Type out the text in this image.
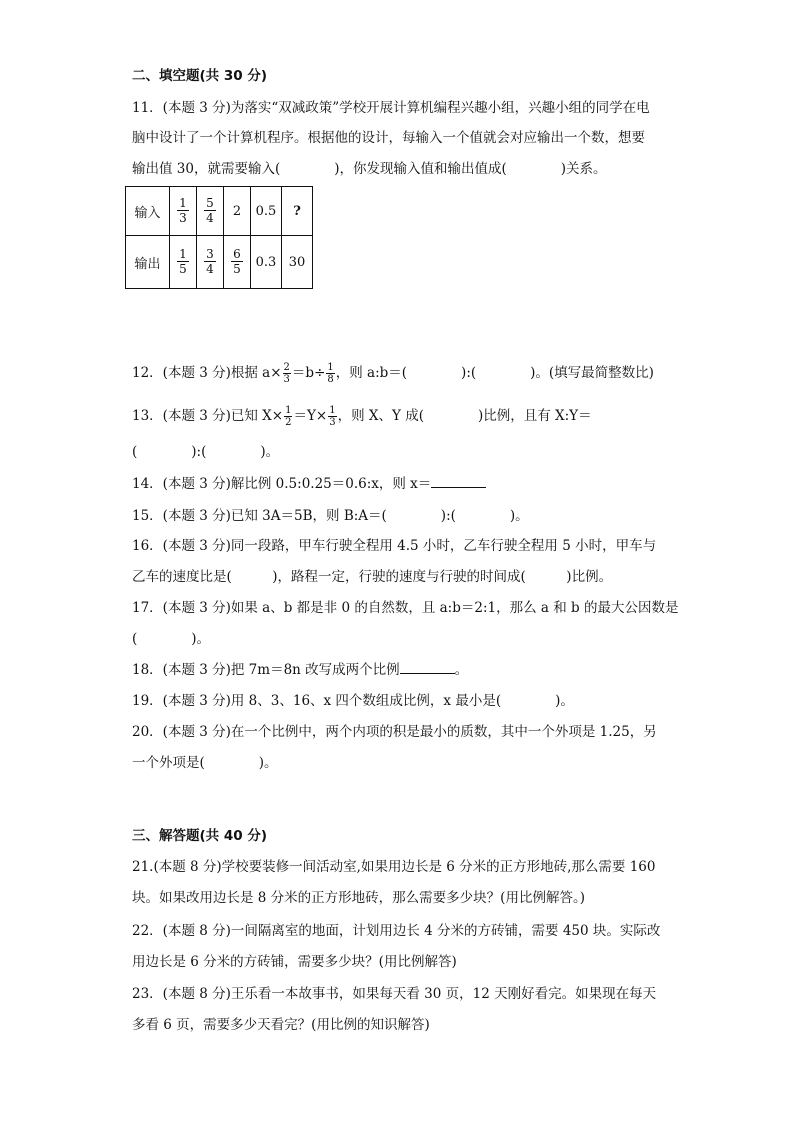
二、填空题(共 30 分)
11．(本题 3 分)为落实“双减政策”学校开展计算机编程兴趣小组，兴趣小组的同学在电
脑中设计了一个计算机程序。根据他的设计，每输入一个值就会对应输出一个数，想要
输出值 30，就需要输入(　　　　)，你发现输入值和输出值成(　　　　)关系。
输入	$\frac{1}{3}$	$\frac{5}{4}$	2	0.5	?
输出	$\frac{1}{5}$	$\frac{3}{4}$	$\frac{6}{5}$	0.3	30
12．(本题 3 分)根据 $a\times \frac{2}{3} =b\div \frac{1}{8}$ ，则 a:b＝(　　　　):(　　　　)。(填写最简整数比)
13．(本题 3 分)已知 $X\times \frac{1}{2} =Y\times \frac{1}{3}$ ，则 X、Y 成(　　　　)比例，且有 X:Y＝
(　　　　):(　　　　)。
14．(本题 3 分)解比例 0.5:0.25＝0.6:x，则 x＝
15．(本题 3 分)已知 3A＝5B，则 B:A＝(　　　　):(　　　　)。
16．(本题 3 分)同一段路，甲车行驶全程用 4.5 小时，乙车行驶全程用 5 小时，甲车与
乙车的速度比是(　　　)，路程一定，行驶的速度与行驶的时间成(　　　)比例。
17．(本题 3 分)如果 a、b 都是非 0 的自然数，且 a:b＝2:1，那么 a 和 b 的最大公因数是
(　　　　)。
18．(本题 3 分)把 7m＝8n 改写成两个比例	。
19．(本题 3 分)用 8、3、16、x 四个数组成比例，x 最小是(　　　　)。
20．(本题 3 分)在一个比例中，两个内项的积是最小的质数，其中一个外项是 1.25，另
一个外项是(　　　　)。
三、解答题(共 40 分)
21.(本题 8 分)学校要装修一间活动室,如果用边长是 6 分米的正方形地砖,那么需要 160
块。如果改用边长是 8 分米的正方形地砖，那么需要多少块？(用比例解答。)
22．(本题 8 分)一间隔离室的地面，计划用边长 4 分米的方砖铺，需要 450 块。实际改
用边长是 6 分米的方砖铺，需要多少块？(用比例解答)
23．(本题 8 分)王乐看一本故事书，如果每天看 30 页，12 天刚好看完。如果现在每天
多看 6 页，需要多少天看完？(用比例的知识解答)
